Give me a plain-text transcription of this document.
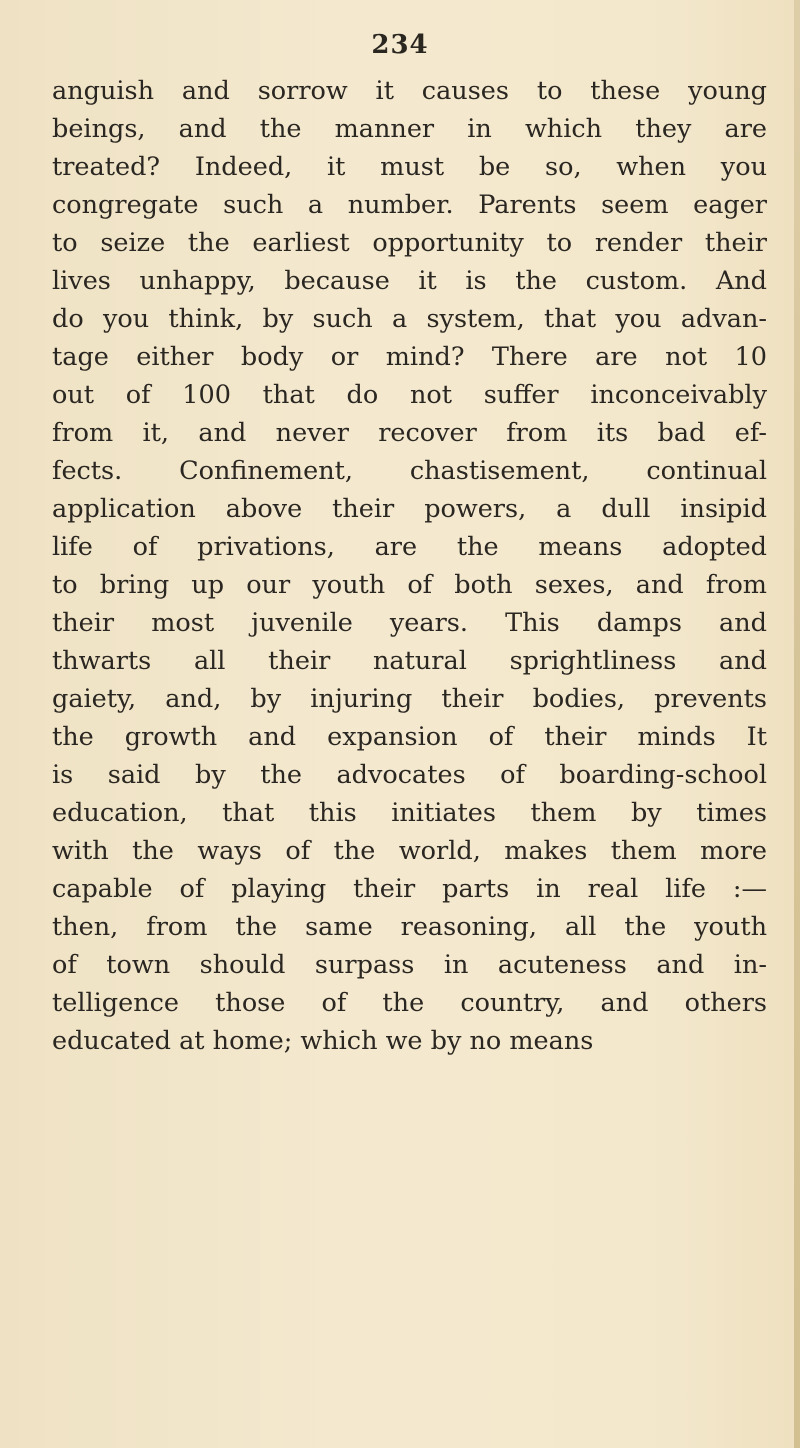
234
anguish and sorrow it causes to these young
beings, and the manner in which they are
treated? Indeed, it must be so, when you
congregate such a number. Parents seem eager
to seize the earliest opportunity to render their
lives unhappy, because it is the custom. And
do you think, by such a system, that you advan-
tage either body or mind? There are not 10
out of 100 that do not suffer inconceivably
from it, and never recover from its bad ef-
fects. Confinement, chastisement, continual
application above their powers, a dull insipid
life of privations, are the means adopted
to bring up our youth of both sexes, and from
their most juvenile years. This damps and
thwarts all their natural sprightliness and
gaiety, and, by injuring their bodies, prevents
the growth and expansion of their minds It
is said by the advocates of boarding-school
education, that this initiates them by times
with the ways of the world, makes them more
capable of playing their parts in real life :—
then, from the same reasoning, all the youth
of town should surpass in acuteness and in-
telligence those of the country, and others
educated at home; which we by no means
